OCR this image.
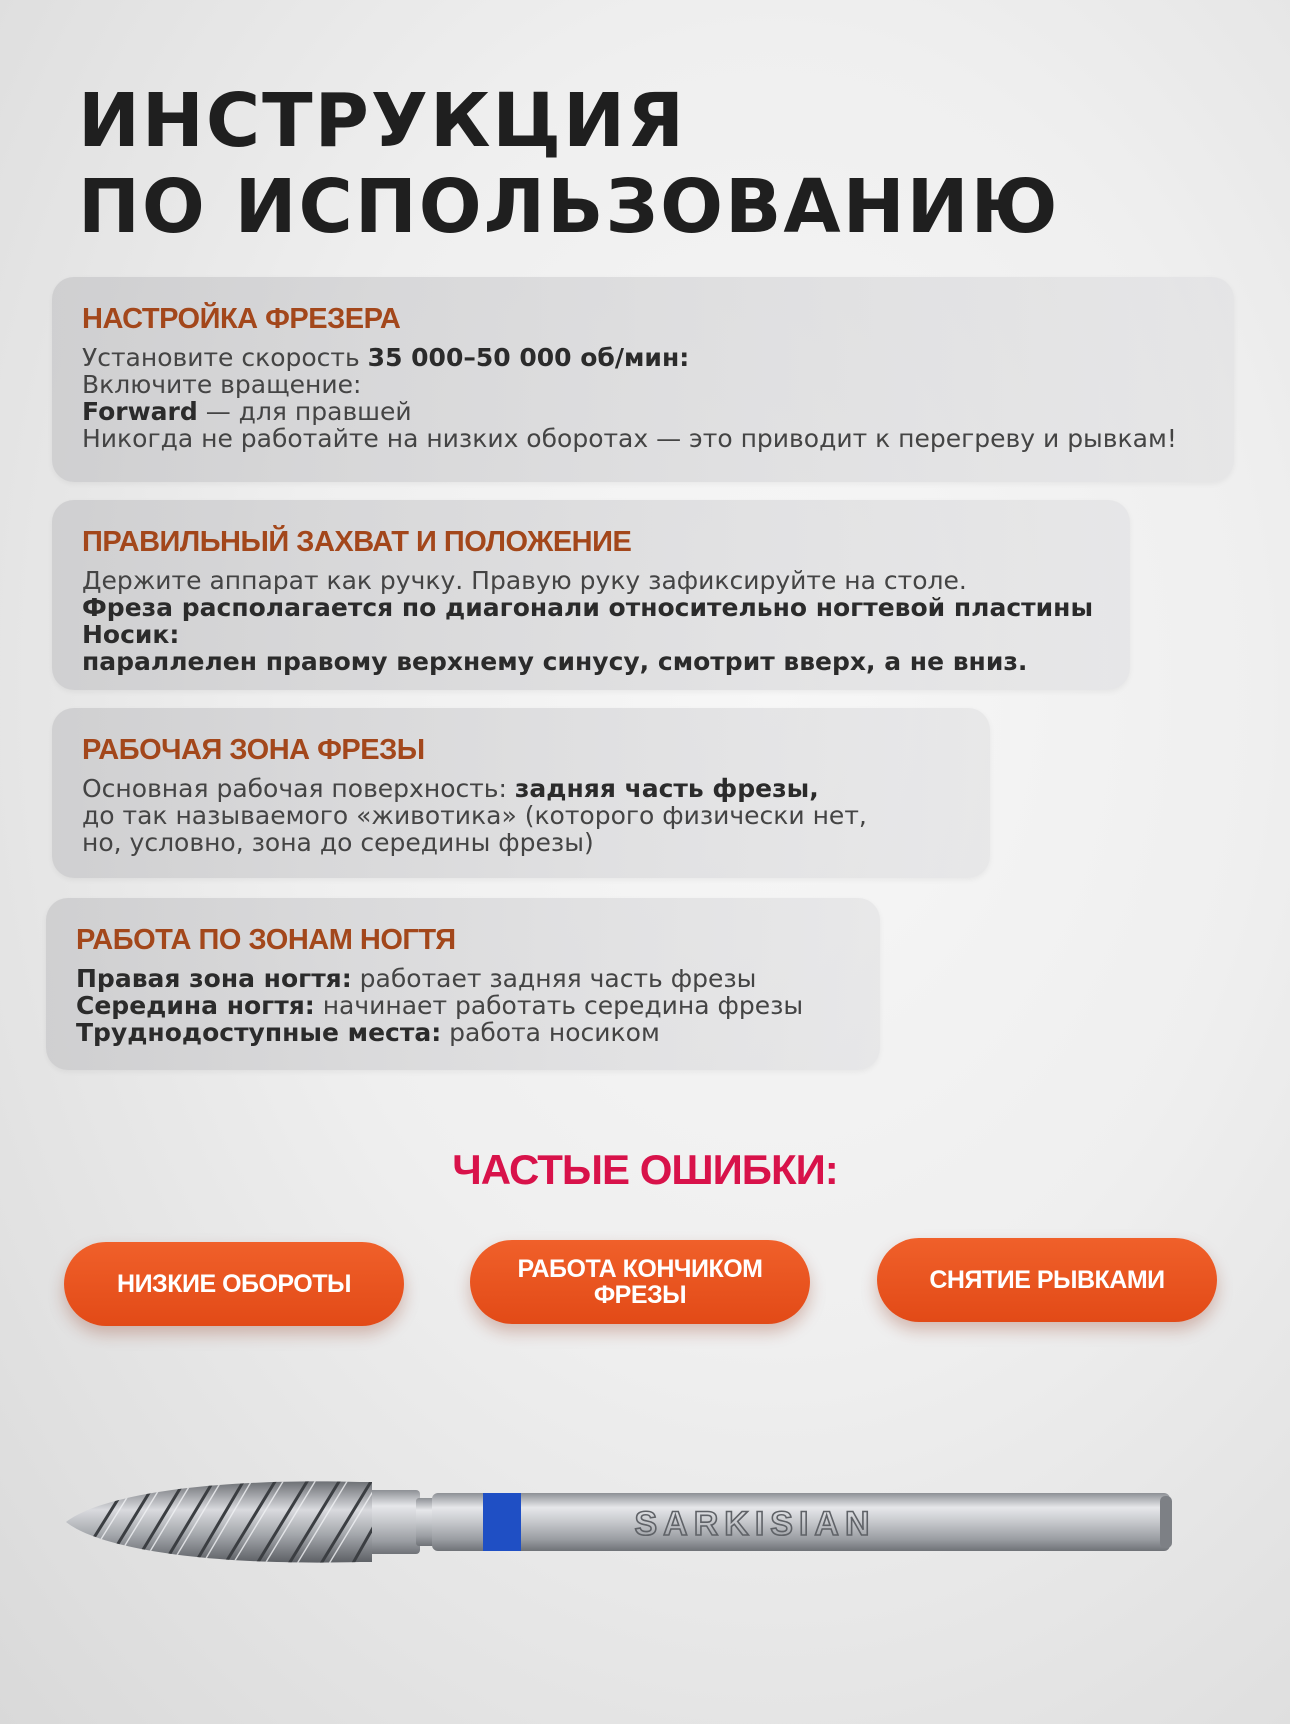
ИНСТРУКЦИЯ
ПО ИСПОЛЬЗОВАНИЮ
НАСТРОЙКА ФРЕЗЕРА

Установите скорость 35 000–50 000 об/мин:
Включите вращение:
Forward — для правшей
Никогда не работайте на низких оборотах — это приводит к перегреву и рывкам!

ПРАВИЛЬНЫЙ ЗАХВАТ И ПОЛОЖЕНИЕ

Держите аппарат как ручку. Правую руку зафиксируйте на столе.
Фреза располагается по диагонали относительно ногтевой пластины
Носик:
параллелен правому верхнему синусу, смотрит вверх, а не вниз.

РАБОЧАЯ ЗОНА ФРЕЗЫ

Основная рабочая поверхность: задняя часть фрезы,
до так называемого «животика» (которого физически нет,
но, условно, зона до середины фрезы)

РАБОТА ПО ЗОНАМ НОГТЯ

Правая зона ногтя: работает задняя часть фрезы
Середина ногтя: начинает работать середина фрезы
Труднодоступные места: работа носиком

ЧАСТЫЕ ОШИБКИ:
НИЗКИЕ ОБОРОТЫ
РАБОТА КОНЧИКОМ ФРЕЗЫ
СНЯТИЕ РЫВКАМИ
SARKISIAN
